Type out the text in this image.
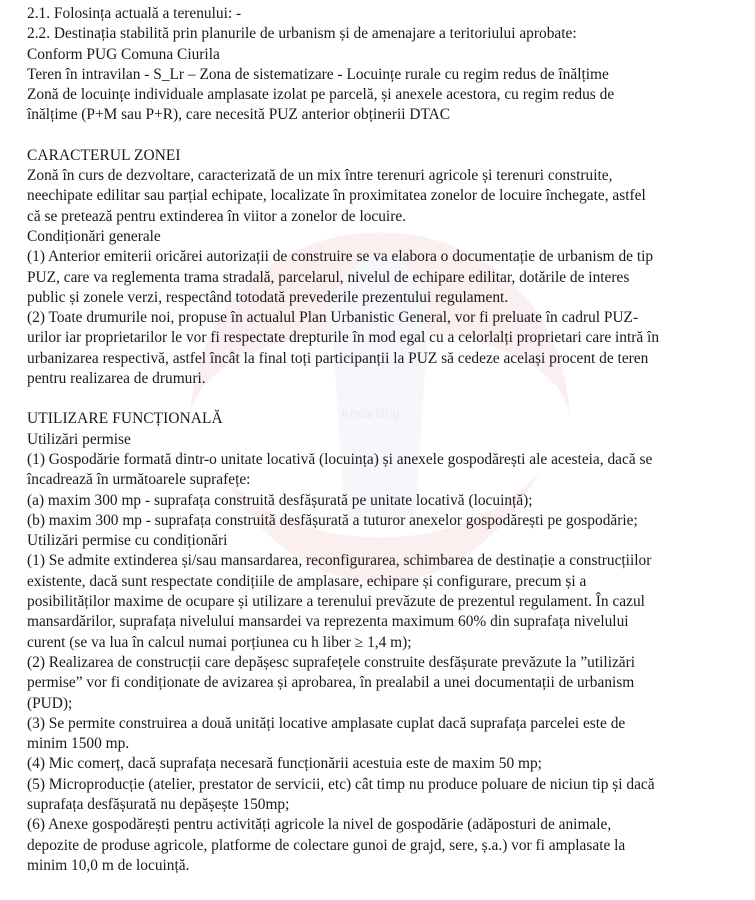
Anca Blaj

2.1. Folosința actuală a terenului: -

2.2. Destinația stabilită prin planurile de urbanism și de amenajare a teritoriului aprobate:

Conform PUG Comuna Ciurila

Teren în intravilan - S_Lr – Zona de sistematizare - Locuințe rurale cu regim redus de înălțime

Zonă de locuințe individuale amplasate izolat pe parcelă, și anexele acestora, cu regim redus de

înălțime (P+M sau P+R), care necesită PUZ anterior obținerii DTAC

CARACTERUL ZONEI

Zonă în curs de dezvoltare, caracterizată de un mix între terenuri agricole și terenuri construite,

neechipate edilitar sau parțial echipate, localizate în proximitatea zonelor de locuire închegate, astfel

că se pretează pentru extinderea în viitor a zonelor de locuire.

Condiționări generale

(1) Anterior emiterii oricărei autorizații de construire se va elabora o documentație de urbanism de tip

PUZ, care va reglementa trama stradală, parcelarul, nivelul de echipare edilitar, dotările de interes

public și zonele verzi, respectând totodată prevederile prezentului regulament.

(2) Toate drumurile noi, propuse în actualul Plan Urbanistic General, vor fi preluate în cadrul PUZ-

urilor iar proprietarilor le vor fi respectate drepturile în mod egal cu a celorlalți proprietari care intră în

urbanizarea respectivă, astfel încât la final toți participanții la PUZ să cedeze același procent de teren

pentru realizarea de drumuri.

UTILIZARE FUNCȚIONALĂ

Utilizări permise

(1) Gospodărie formată dintr-o unitate locativă (locuința) și anexele gospodărești ale acesteia, dacă se

încadrează în următoarele suprafețe:

(a) maxim 300 mp - suprafața construită desfășurată pe unitate locativă (locuință);

(b) maxim 300 mp - suprafața construită desfășurată a tuturor anexelor gospodărești pe gospodărie;

Utilizări permise cu condiționări

(1) Se admite extinderea și/sau mansardarea, reconfigurarea, schimbarea de destinație a construcțiilor

existente, dacă sunt respectate condițiile de amplasare, echipare și configurare, precum și a

posibilităților maxime de ocupare și utilizare a terenului prevăzute de prezentul regulament. În cazul

mansardărilor, suprafața nivelului mansardei va reprezenta maximum 60% din suprafața nivelului

curent (se va lua în calcul numai porțiunea cu h liber ≥ 1,4 m);

(2) Realizarea de construcții care depășesc suprafețele construite desfășurate prevăzute la ”utilizări

permise” vor fi condiționate de avizarea și aprobarea, în prealabil a unei documentații de urbanism

(PUD);

(3) Se permite construirea a două unități locative amplasate cuplat dacă suprafața parcelei este de

minim 1500 mp.

(4) Mic comerț, dacă suprafața necesară funcționării acestuia este de maxim 50 mp;

(5) Microproducție (atelier, prestator de servicii, etc) cât timp nu produce poluare de niciun tip și dacă

suprafața desfășurată nu depășește 150mp;

(6) Anexe gospodărești pentru activități agricole la nivel de gospodărie (adăposturi de animale,

depozite de produse agricole, platforme de colectare gunoi de grajd, sere, ș.a.) vor fi amplasate la

minim 10,0 m de locuință.
